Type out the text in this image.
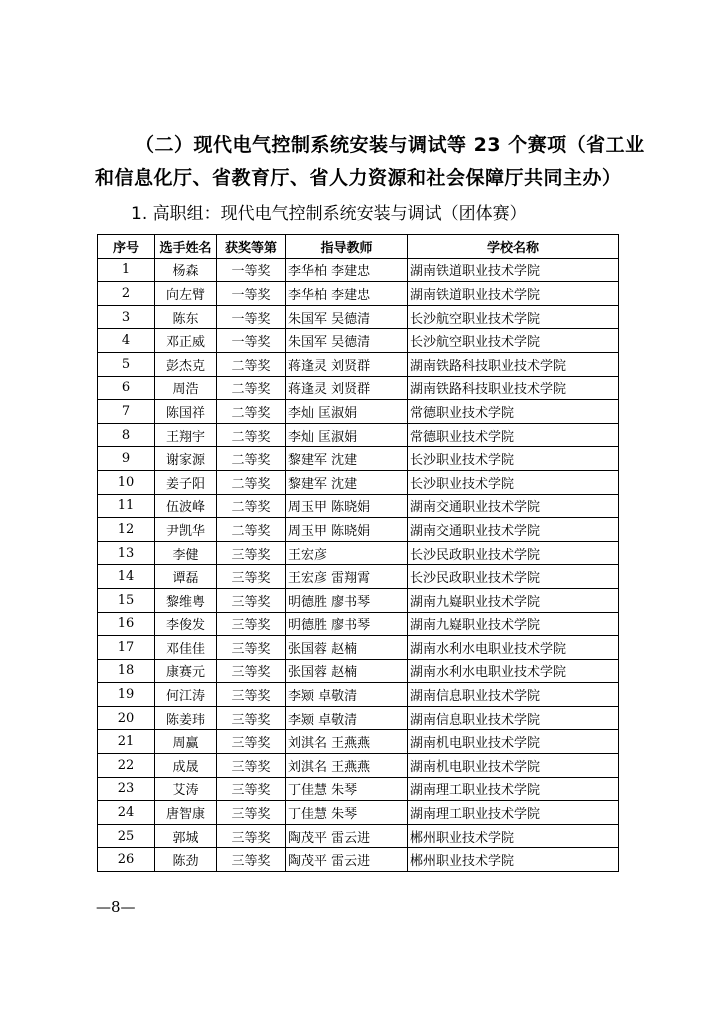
（二）现代电气控制系统安装与调试等 23 个赛项（省工业
和信息化厅、省教育厅、省人力资源和社会保障厅共同主办）
1. 高职组：现代电气控制系统安装与调试（团体赛）
序号	选手姓名	获奖等第	指导教师	学校名称
1	杨森	一等奖	李华柏 李建忠	湖南铁道职业技术学院
2	向左臂	一等奖	李华柏 李建忠	湖南铁道职业技术学院
3	陈东	一等奖	朱国军 吴德清	长沙航空职业技术学院
4	邓正威	一等奖	朱国军 吴德清	长沙航空职业技术学院
5	彭杰克	二等奖	蒋逢灵 刘贤群	湖南铁路科技职业技术学院
6	周浩	二等奖	蒋逢灵 刘贤群	湖南铁路科技职业技术学院
7	陈国祥	二等奖	李灿 匡淑娟	常德职业技术学院
8	王翔宇	二等奖	李灿 匡淑娟	常德职业技术学院
9	谢家源	二等奖	黎建军 沈建	长沙职业技术学院
10	姜子阳	二等奖	黎建军 沈建	长沙职业技术学院
11	伍波峰	二等奖	周玉甲 陈晓娟	湖南交通职业技术学院
12	尹凯华	二等奖	周玉甲 陈晓娟	湖南交通职业技术学院
13	李健	三等奖	王宏彦	长沙民政职业技术学院
14	谭磊	三等奖	王宏彦 雷翔霄	长沙民政职业技术学院
15	黎维粤	三等奖	明德胜 廖书琴	湖南九嶷职业技术学院
16	李俊发	三等奖	明德胜 廖书琴	湖南九嶷职业技术学院
17	邓佳佳	三等奖	张国蓉 赵楠	湖南水利水电职业技术学院
18	康赛元	三等奖	张国蓉 赵楠	湖南水利水电职业技术学院
19	何江涛	三等奖	李颎 卓敬清	湖南信息职业技术学院
20	陈姜玮	三等奖	李颎 卓敬清	湖南信息职业技术学院
21	周赢	三等奖	刘淇名 王燕燕	湖南机电职业技术学院
22	成晟	三等奖	刘淇名 王燕燕	湖南机电职业技术学院
23	艾涛	三等奖	丁佳慧 朱琴	湖南理工职业技术学院
24	唐智康	三等奖	丁佳慧 朱琴	湖南理工职业技术学院
25	郭城	三等奖	陶茂平 雷云进	郴州职业技术学院
26	陈劲	三等奖	陶茂平 雷云进	郴州职业技术学院
—8—
